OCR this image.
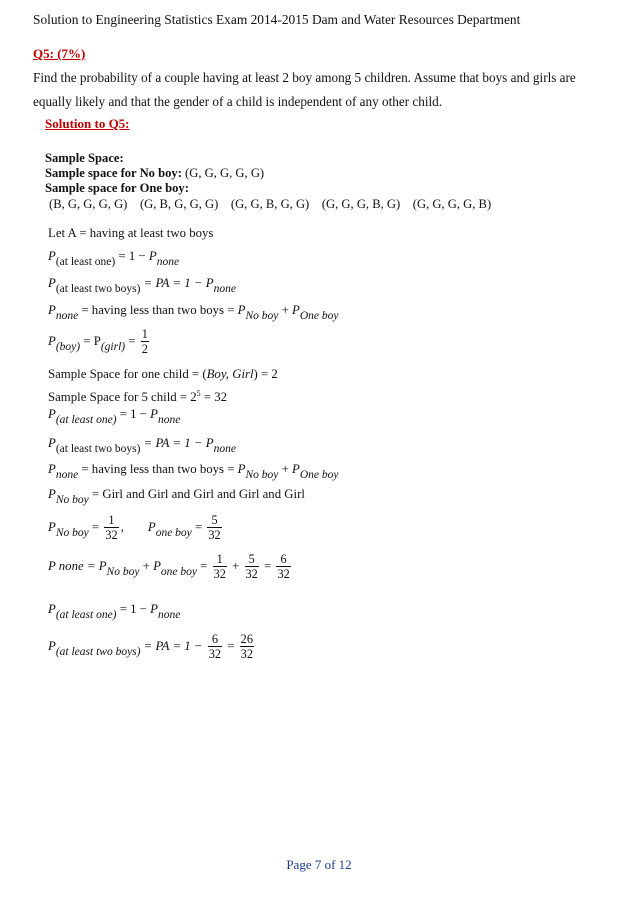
Solution to Engineering Statistics Exam 2014-2015 Dam and Water Resources Department
Q5: (7%)
Find the probability of a couple having at least 2 boy among 5 children. Assume that boys and girls are
equally likely and that the gender of a child is independent of any other child.
Solution to Q5:
Sample Space:
Sample space for No boy: (G, G, G, G, G)
Sample space for One boy:
(B, G, G, G, G)    (G, B, G, G, G)    (G, G, B, G, G)    (G, G, G, B, G)    (G, G, G, G, B)
Let A = having at least two boys
$P_{(at least one)} = 1 - P_{none}$
$P_{(at least two boys)}$ = PA = $1 - P_{none}$
$P_{none}$ = having less than two boys = $P_{No boy} + P_{One boy}$
$P_{(boy)} = P_{(girl)} = \frac{1}{2}$
Sample Space for one child = (Boy, Girl) = 2
Sample Space for 5 child = $2^5 = 32$
$P_{(at least one)} = 1 - P_{none}$
$P_{(at least two boys)}$ = PA = $1 - P_{none}$
$P_{none}$ = having less than two boys = $P_{No boy} + P_{One boy}$
$P_{No boy}$ = Girl and Girl and Girl and Girl and Girl
$P_{No boy} = \frac{1}{32}$ , $P_{one boy} = \frac{5}{32}$
P none = $P_{No boy} + P_{one boy} = \frac{1}{32} + \frac{5}{32} = \frac{6}{32}$
$P_{(at least one)} = 1 - P_{none}$
$P_{(at least two boys)}$ = PA = $1 - \frac{6}{32} = \frac{26}{32}$
Page 7 of 12
